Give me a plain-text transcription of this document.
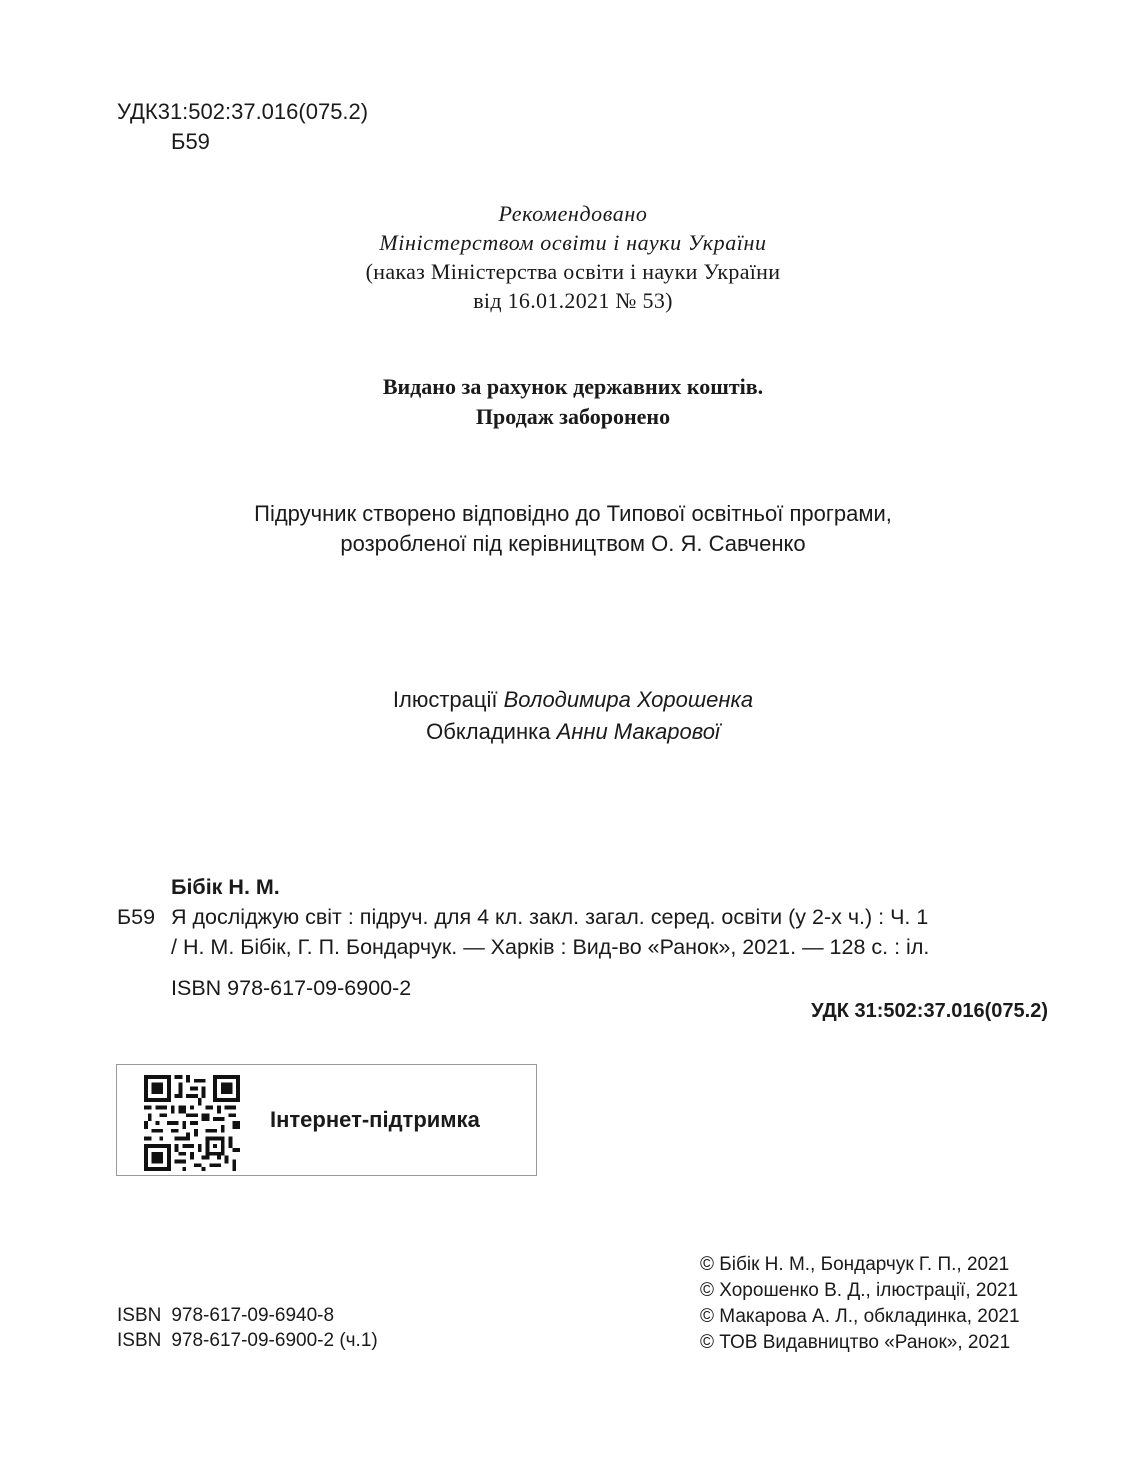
УДК31:502:37.016(075.2)
Б59
Рекомендовано
Міністерством освіти і науки України
(наказ Міністерства освіти і науки України
від 16.01.2021 № 53)
Видано за рахунок державних коштів.
Продаж заборонено
Підручник створено відповідно до Типової освітньої програми,
розробленої під керівництвом О. Я. Савченко
Ілюстрації Володимира Хорошенка
Обкладинка Анни Макарової
Бібік Н. М.
Б59 Я досліджую світ : підруч. для 4 кл. закл. загал. серед. освіти (у 2-х ч.) : Ч. 1
/ Н. М. Бібік, Г. П. Бондарчук. — Харків : Вид-во «Ранок», 2021. — 128 с. : іл.
ISBN 978-617-09-6900-2
УДК 31:502:37.016(075.2)
Інтернет-підтримка
ISBN 978-617-09-6940-8
ISBN 978-617-09-6900-2 (ч.1)
© Бібік Н. М., Бондарчук Г. П., 2021
© Хорошенко В. Д., ілюстрації, 2021
© Макарова А. Л., обкладинка, 2021
© ТОВ Видавництво «Ранок», 2021
